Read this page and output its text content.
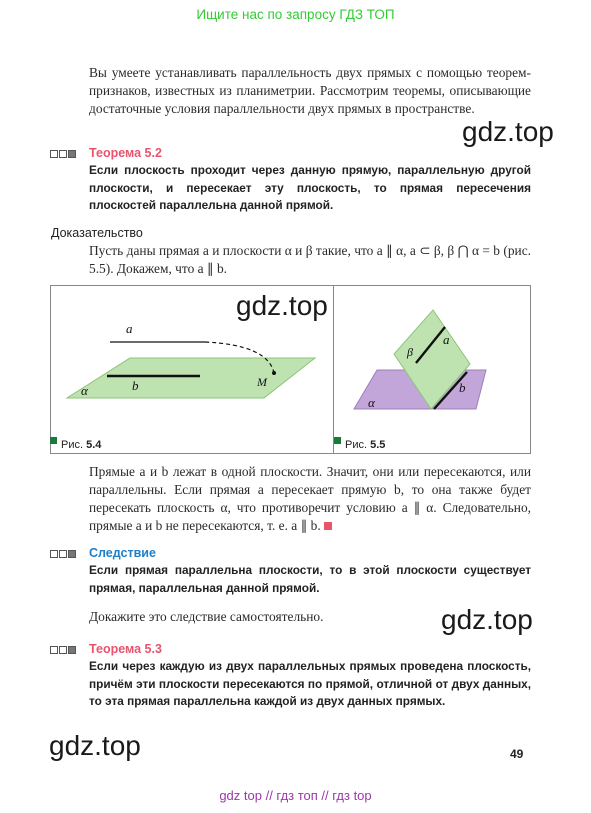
Ищите нас по запросу ГДЗ ТОП
Вы умеете устанавливать параллельность двух прямых с помощью теорем-признаков, известных из планиметрии. Рассмотрим теоремы, описывающие достаточные условия параллельности двух прямых в пространстве.
gdz.top
Теорема 5.2
Если плоскость проходит через данную прямую, параллельную другой плоскости, и пересекает эту плоскость, то прямая пересечения плоскостей параллельна данной прямой.
Доказательство
Пусть даны прямая a и плоскости α и β такие, что a ∥ α, a ⊂ β, β ⋂ α = b (рис. 5.5). Докажем, что a ∥ b.
gdz.top
a
b
α
M
β
a
b
α
Рис. 5.4	Рис. 5.5
Прямые a и b лежат в одной плоскости. Значит, они или пересекаются, или параллельны. Если прямая a пересекает прямую b, то она также будет пересекать плоскость α, что противоречит условию a ∥ α. Следовательно, прямые a и b не пересекаются, т. е. a ∥ b.
Следствие
Если прямая параллельна плоскости, то в этой плоскости существует прямая, параллельная данной прямой.
Докажите это следствие самостоятельно.	gdz.top
Теорема 5.3
Если через каждую из двух параллельных прямых проведена плоскость, причём эти плоскости пересекаются по прямой, отличной от двух данных, то эта прямая параллельна каждой из двух данных прямых.
gdz.top	49
gdz top // гдз топ // гдз top
